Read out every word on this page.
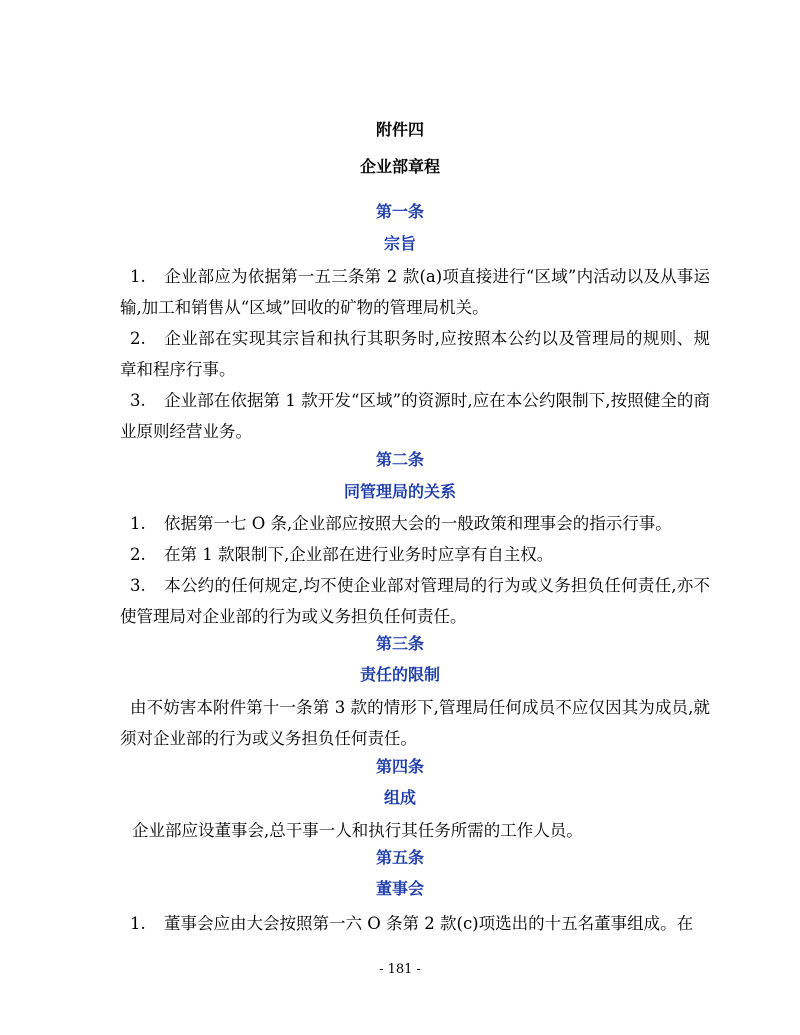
附件四
企业部章程
第一条
宗旨
1. 企业部应为依据第一五三条第 2 款(a)项直接进行“区域”内活动以及从事运输,加工和销售从“区域”回收的矿物的管理局机关。
2. 企业部在实现其宗旨和执行其职务时,应按照本公约以及管理局的规则、规章和程序行事。
3. 企业部在依据第 1 款开发“区域”的资源时,应在本公约限制下,按照健全的商业原则经营业务。
第二条
同管理局的关系
1. 依据第一七 O 条,企业部应按照大会的一般政策和理事会的指示行事。
2. 在第 1 款限制下,企业部在进行业务时应享有自主权。
3. 本公约的任何规定,均不使企业部对管理局的行为或义务担负任何责任,亦不使管理局对企业部的行为或义务担负任何责任。
第三条
责任的限制
由不妨害本附件第十一条第 3 款的情形下,管理局任何成员不应仅因其为成员,就须对企业部的行为或义务担负任何责任。
第四条
组成
企业部应设董事会,总干事一人和执行其任务所需的工作人员。
第五条
董事会
1. 董事会应由大会按照第一六 O 条第 2 款(c)项选出的十五名董事组成。在
- 181 -
